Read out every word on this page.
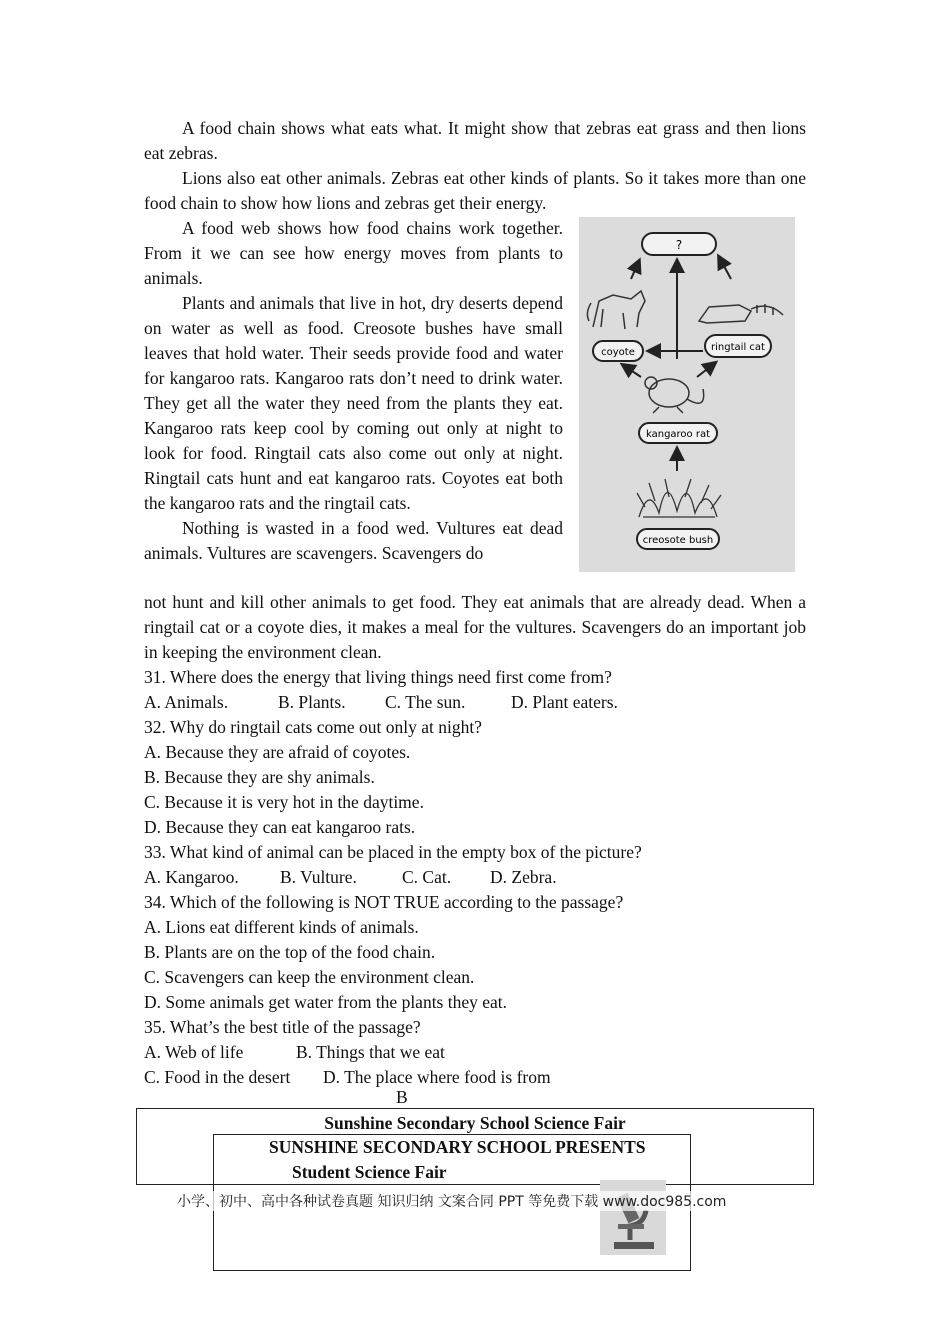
A food chain shows what eats what. It might show that zebras eat grass and then lions eat zebras.

Lions also eat other animals. Zebras eat other kinds of plants. So it takes more than one food chain to show how lions and zebras get their energy.

A food web shows how food chains work together. From it we can see how energy moves from plants to animals.

Plants and animals that live in hot, dry deserts depend on water as well as food. Creosote bushes have small leaves that hold water. Their seeds provide food and water for kangaroo rats. Kangaroo rats don’t need to drink water. They get all the water they need from the plants they eat. Kangaroo rats keep cool by coming out only at night to look for food. Ringtail cats also come out only at night. Ringtail cats hunt and eat kangaroo rats. Coyotes eat both the kangaroo rats and the ringtail cats.

Nothing is wasted in a food wed. Vultures eat dead animals. Vultures are scavengers. Scavengers do

?
coyote	ringtail cat
kangaroo rat
creosote bush

not hunt and kill other animals to get food. They eat animals that are already dead. When a ringtail cat or a coyote dies, it makes a meal for the vultures. Scavengers do an important job in keeping the environment clean.

31. Where does the energy that living things need first come from?

A. Animals.	B. Plants. C. The sun.	D. Plant eaters.

32. Why do ringtail cats come out only at night?

A. Because they are afraid of coyotes.

B. Because they are shy animals.

C. Because it is very hot in the daytime.

D. Because they can eat kangaroo rats.

33. What kind of animal can be placed in the empty box of the picture?

A. Kangaroo. B. Vulture.	C. Cat. D. Zebra.

34. Which of the following is NOT TRUE according to the passage?

A. Lions eat different kinds of animals.

B. Plants are on the top of the food chain.

C. Scavengers can keep the environment clean.

D. Some animals get water from the plants they eat.

35. What’s the best title of the passage?

A. Web of life	B. Things that we eat

C. Food in the desert D. The place where food is from

B
Sunshine Secondary School Science Fair
SUNSHINE SECONDARY SCHOOL PRESENTS
Student Science Fair
小学、初中、高中各种试卷真题 知识归纳 文案合同 PPT 等免费下载 www.doc985.com
